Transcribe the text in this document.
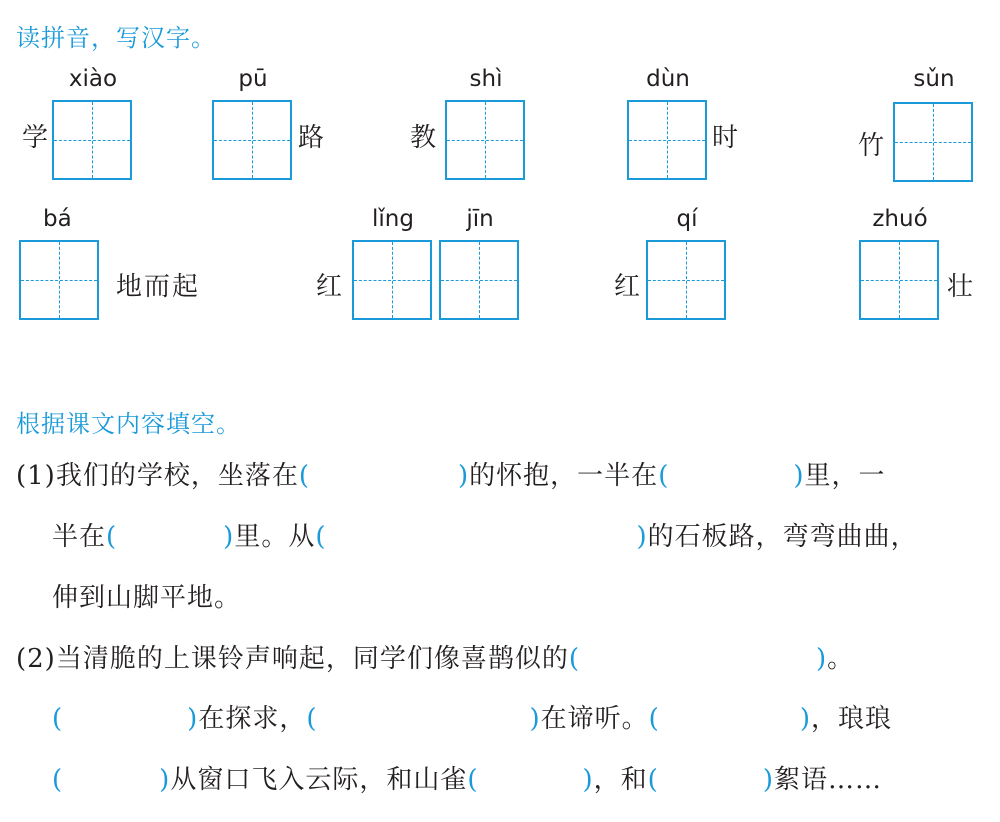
读拼音，写汉字。
xiào
学
pū
路
shì
教
dùn
时
sǔn
竹
bá
地而起	红
lǐng	jīn
红
qí	zhuó
壮
根据课文内容填空。
(1)我们的学校，坐落在(	)的怀抱，一半在(	)里，一
半在(	)里。从(	)的石板路，弯弯曲曲，
伸到山脚平地。
(2)当清脆的上课铃声响起，同学们像喜鹊似的(	)。
(	)在探求，(	)在谛听。(	)，琅琅
(	)从窗口飞入云际，和山雀(	)，和(	)絮语……
